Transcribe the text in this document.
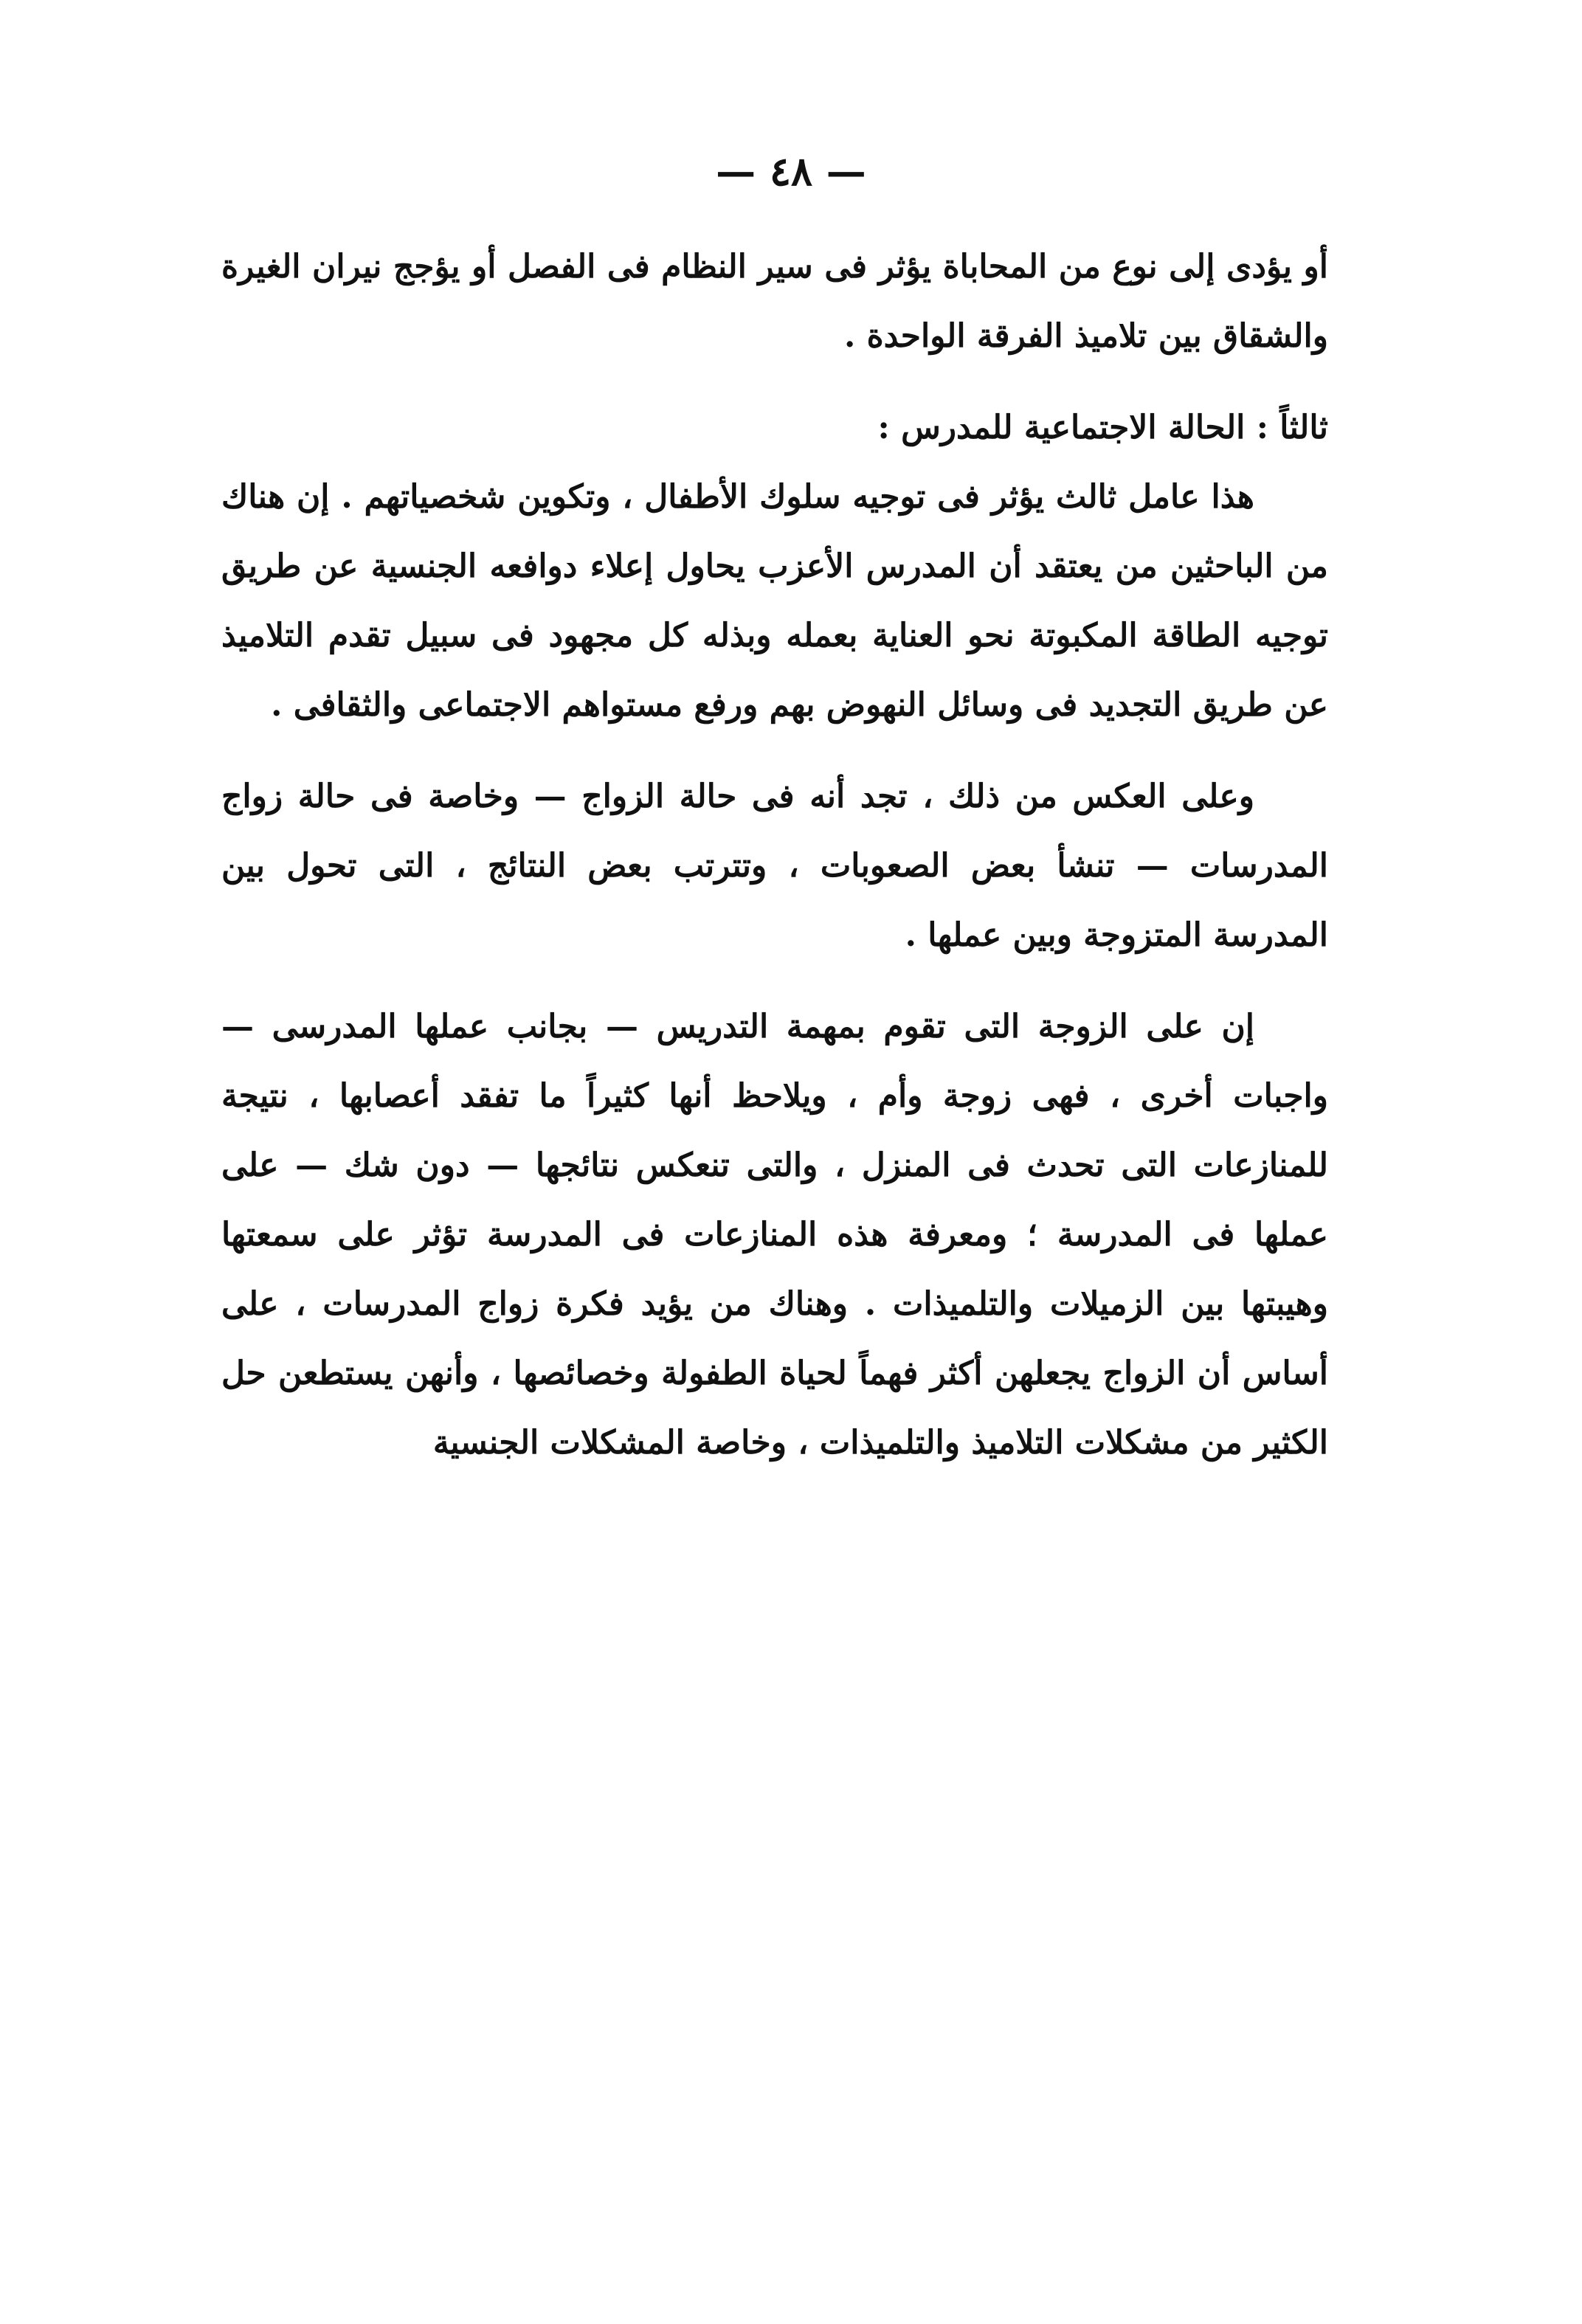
— ٤٨ —

أو يؤدى إلى نوع من المحاباة يؤثر فى سير النظام فى الفصل أو يؤجج نيران الغيرة والشقاق بين تلاميذ الفرقة الواحدة .

ثالثاً : الحالة الاجتماعية للمدرس :

هذا عامل ثالث يؤثر فى توجيه سلوك الأطفال ، وتكوين شخصياتهم . إن هناك من الباحثين من يعتقد أن المدرس الأعزب يحاول إعلاء دوافعه الجنسية عن طريق توجيه الطاقة المكبوتة نحو العناية بعمله وبذله كل مجهود فى سبيل تقدم التلاميذ عن طريق التجديد فى وسائل النهوض بهم ورفع مستواهم الاجتماعى والثقافى .

وعلى العكس من ذلك ، تجد أنه فى حالة الزواج — وخاصة فى حالة زواج المدرسات — تنشأ بعض الصعوبات ، وتترتب بعض النتائج ، التى تحول بين المدرسة المتزوجة وبين عملها .

إن على الزوجة التى تقوم بمهمة التدريس — بجانب عملها المدرسى — واجبات أخرى ، فهى زوجة وأم ، ويلاحظ أنها كثيراً ما تفقد أعصابها ، نتيجة للمنازعات التى تحدث فى المنزل ، والتى تنعكس نتائجها — دون شك — على عملها فى المدرسة ؛ ومعرفة هذه المنازعات فى المدرسة تؤثر على سمعتها وهيبتها بين الزميلات والتلميذات . وهناك من يؤيد فكرة زواج المدرسات ، على أساس أن الزواج يجعلهن أكثر فهماً لحياة الطفولة وخصائصها ، وأنهن يستطعن حل الكثير من مشكلات التلاميذ والتلميذات ، وخاصة المشكلات الجنسية
